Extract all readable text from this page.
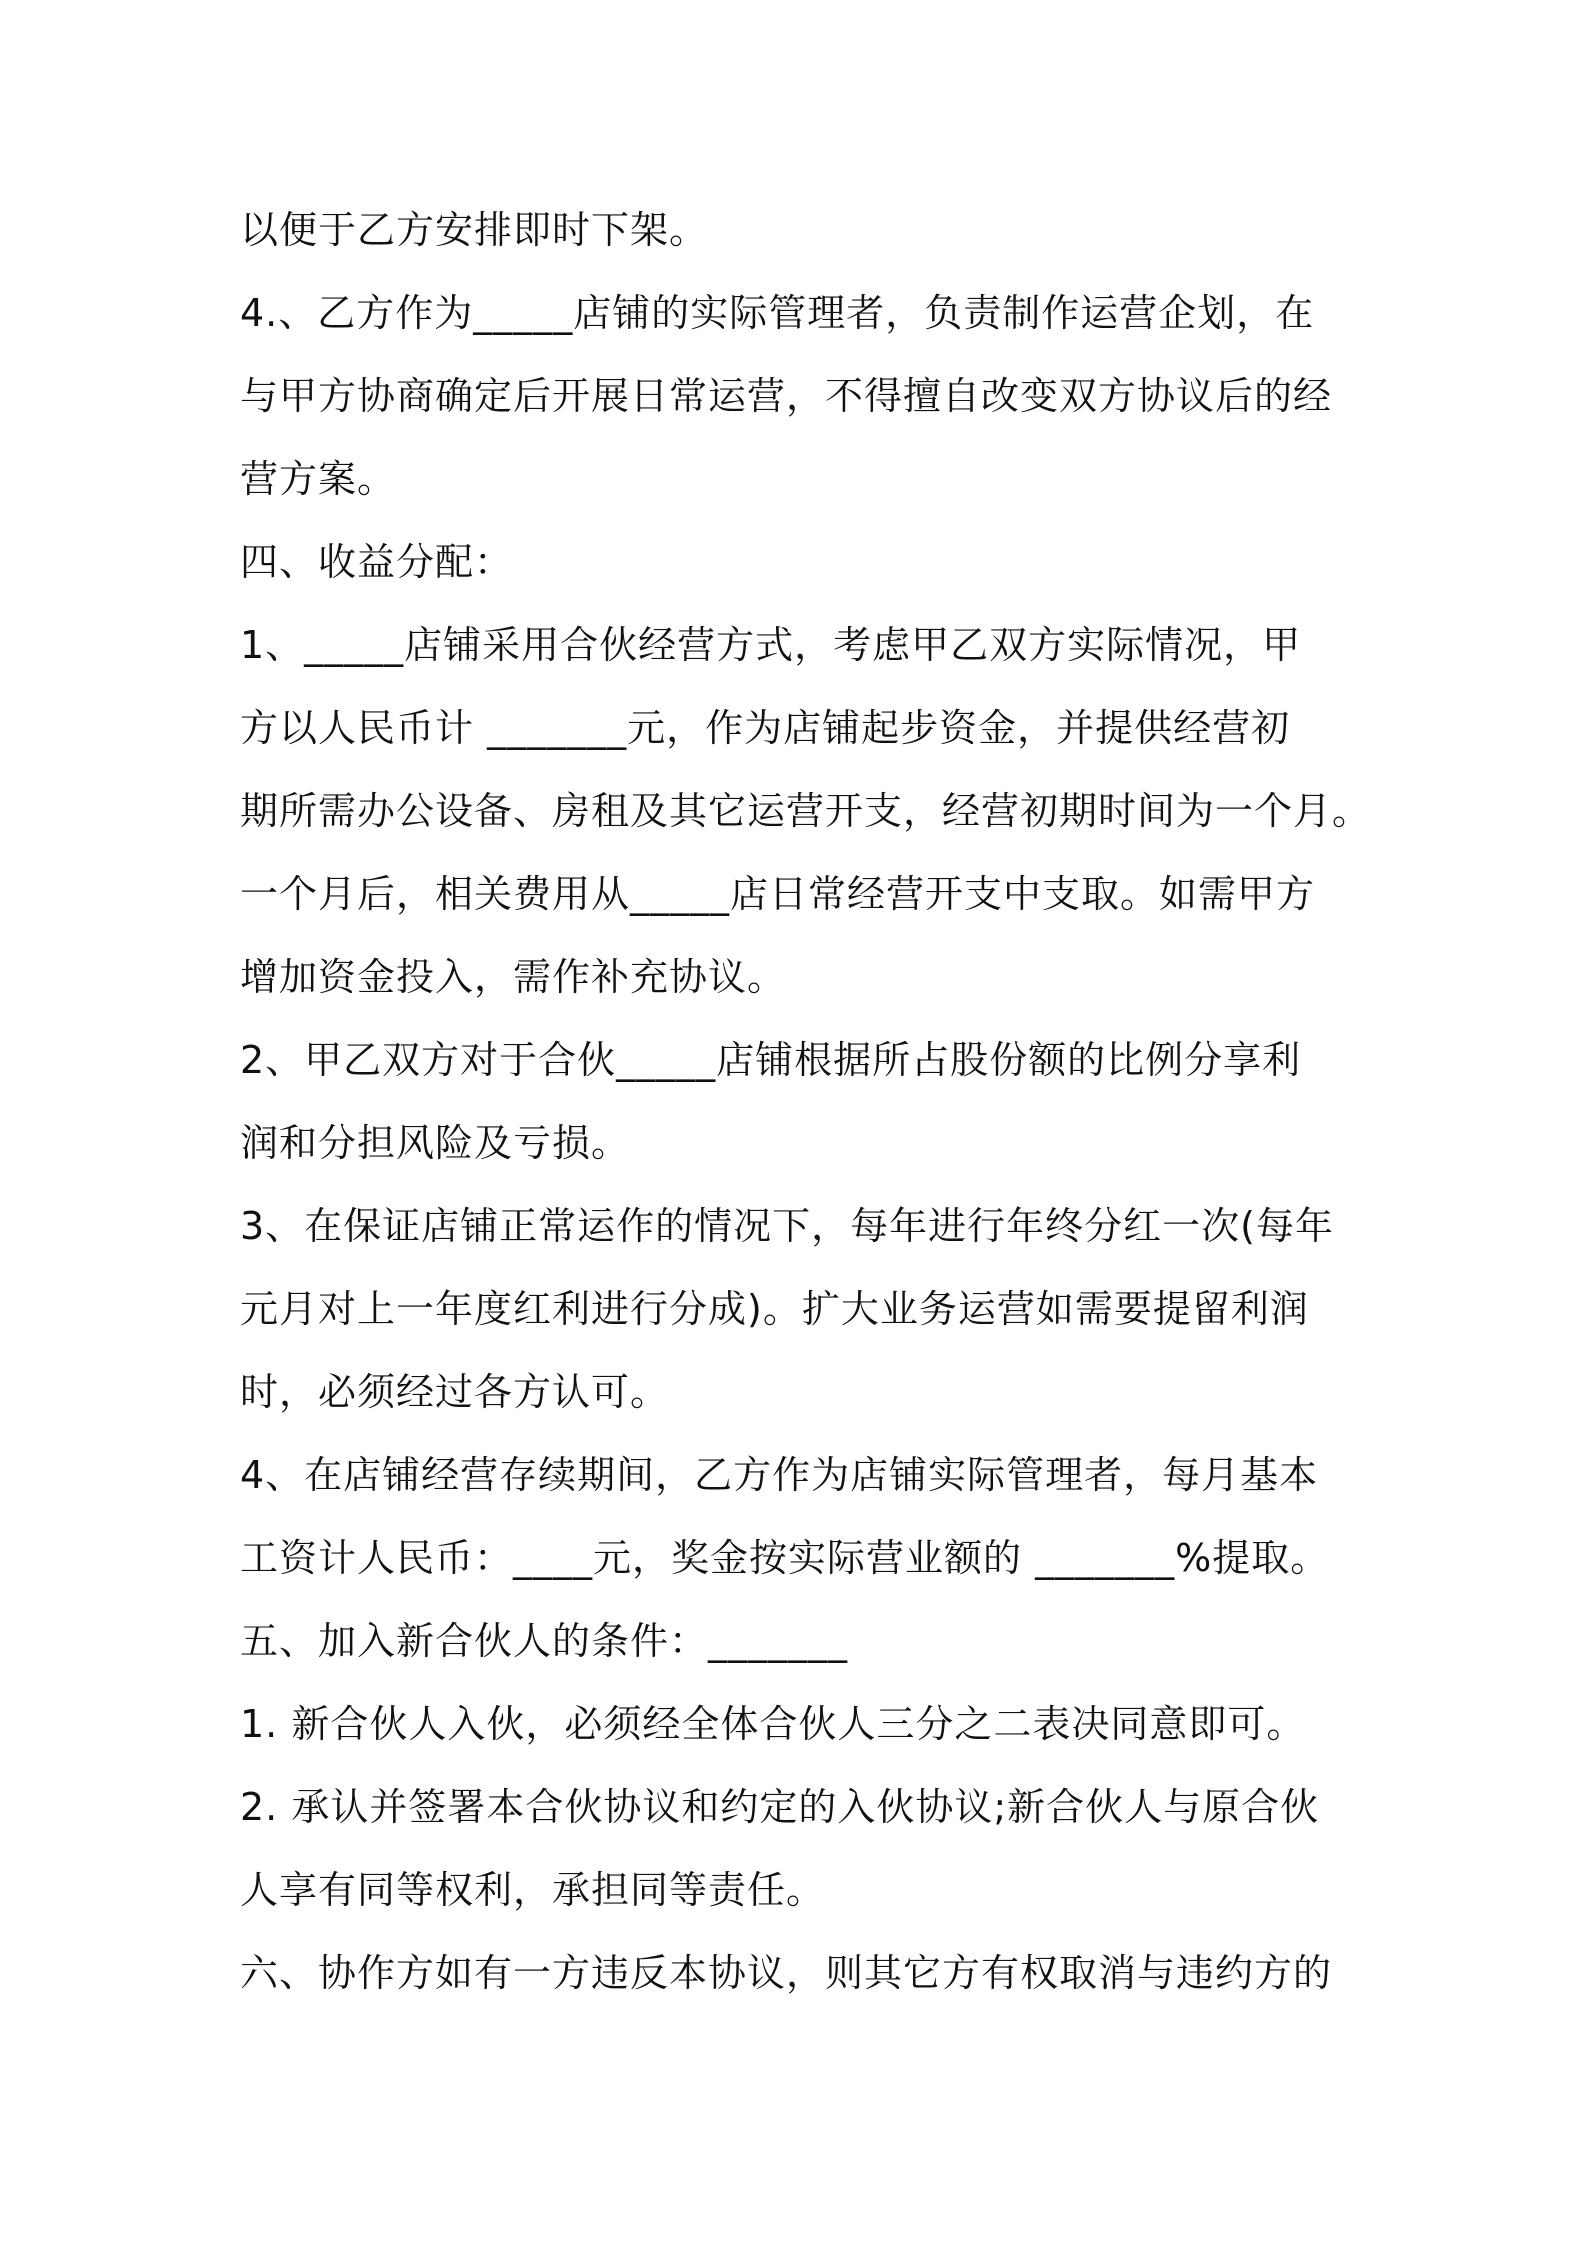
以便于乙方安排即时下架。
4.、乙方作为_____店铺的实际管理者，负责制作运营企划，在
与甲方协商确定后开展日常运营，不得擅自改变双方协议后的经
营方案。
四、收益分配：
1、_____店铺采用合伙经营方式，考虑甲乙双方实际情况，甲
方以人民币计 _______元，作为店铺起步资金，并提供经营初
期所需办公设备、房租及其它运营开支，经营初期时间为一个月。
一个月后，相关费用从_____店日常经营开支中支取。如需甲方
增加资金投入，需作补充协议。
2、甲乙双方对于合伙_____店铺根据所占股份额的比例分享利
润和分担风险及亏损。
3、在保证店铺正常运作的情况下，每年进行年终分红一次(每年
元月对上一年度红利进行分成)。扩大业务运营如需要提留利润
时，必须经过各方认可。
4、在店铺经营存续期间，乙方作为店铺实际管理者，每月基本
工资计人民币：____元，奖金按实际营业额的 _______%提取。
五、加入新合伙人的条件：_______
1. 新合伙人入伙，必须经全体合伙人三分之二表决同意即可。
2. 承认并签署本合伙协议和约定的入伙协议;新合伙人与原合伙
人享有同等权利，承担同等责任。
六、协作方如有一方违反本协议，则其它方有权取消与违约方的
